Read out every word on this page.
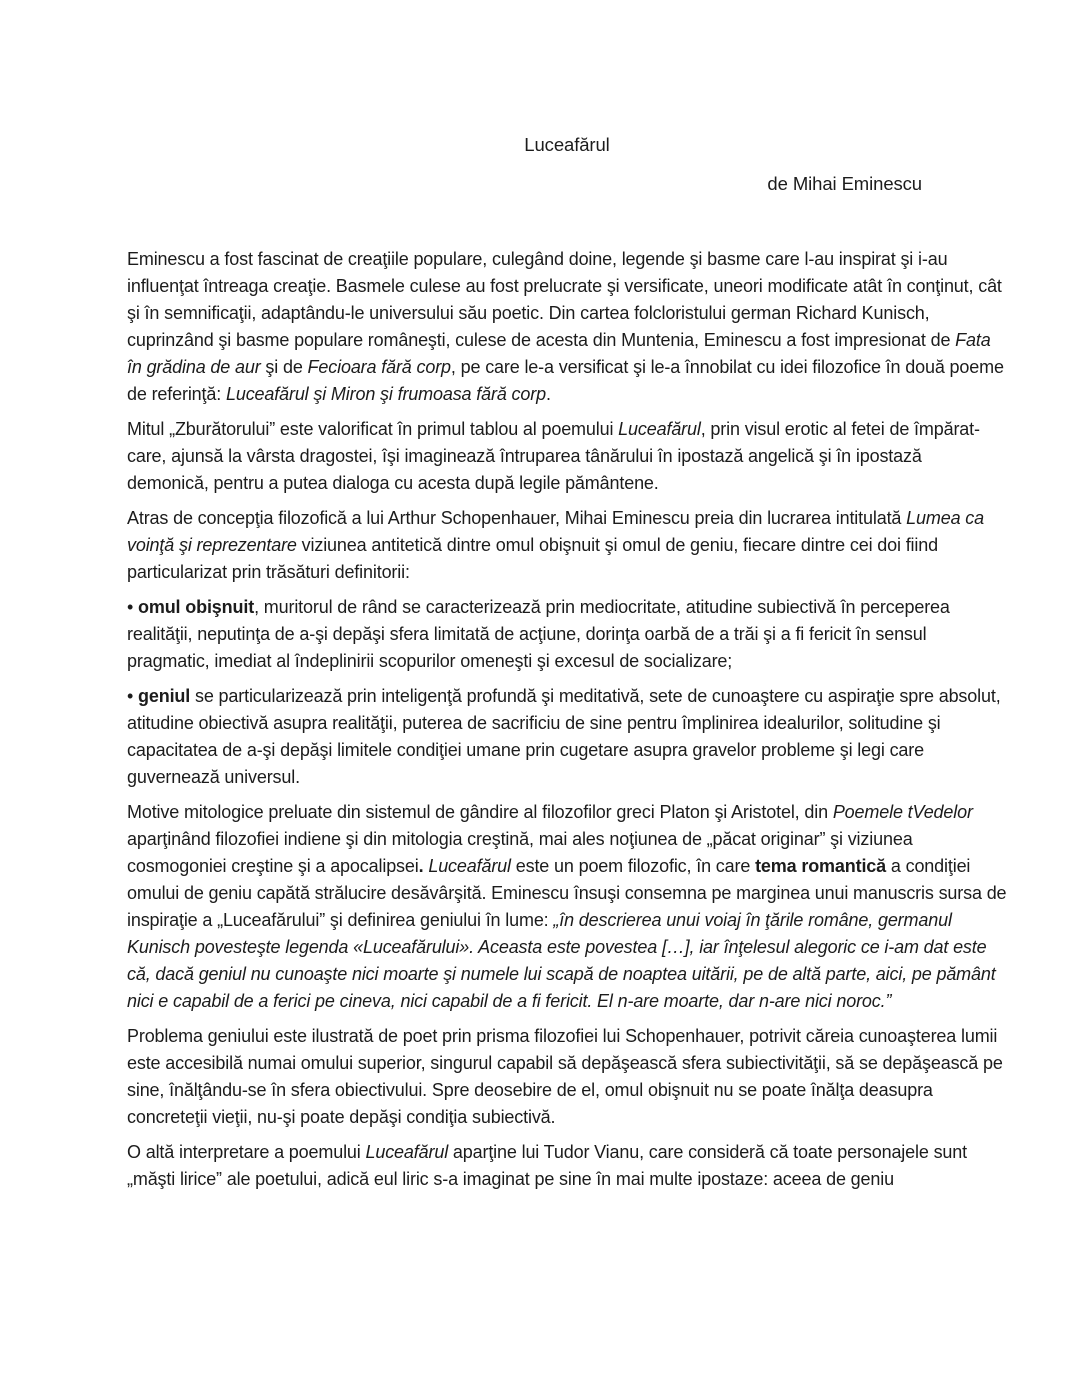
Luceafărul

de Mihai Eminescu

Eminescu a fost fascinat de creaţiile populare, culegând doine, legende şi basme care l-au inspirat şi i-au influenţat întreaga creaţie. Basmele culese au fost prelucrate şi versificate, uneori modificate atât în conţinut, cât şi în semnificaţii, adaptându-le universului său poetic. Din cartea folcloristului german Richard Kunisch, cuprinzând şi basme populare româneşti, culese de acesta din Muntenia, Eminescu a fost impresionat de Fata în grădina de aur şi de Fecioara fără corp, pe care le-a versificat şi le-a înnobilat cu idei filozofice în două poeme de referinţă: Luceafărul şi Miron şi frumoasa fără corp.

Mitul „Zburătorului” este valorificat în primul tablou al poemului Luceafărul, prin visul erotic al fetei de împărat-care, ajunsă la vârsta dragostei, îşi imaginează întruparea tânărului în ipostază angelică şi în ipostază demonică, pentru a putea dialoga cu acesta după legile pământene.

Atras de concepţia filozofică a lui Arthur Schopenhauer, Mihai Eminescu preia din lucrarea intitulată Lumea ca voinţă şi reprezentare viziunea antitetică dintre omul obişnuit şi omul de geniu, fiecare dintre cei doi fiind particularizat prin trăsături definitorii:

• omul obişnuit, muritorul de rând se caracterizează prin mediocritate, atitudine subiectivă în perceperea realităţii, neputinţa de a-şi depăşi sfera limitată de acţiune, dorinţa oarbă de a trăi şi a fi fericit în sensul pragmatic, imediat al îndeplinirii scopurilor omeneşti şi excesul de socializare;

• geniul se particularizează prin inteligenţă profundă şi meditativă, sete de cunoaştere cu aspiraţie spre absolut, atitudine obiectivă asupra realităţii, puterea de sacrificiu de sine pentru împlinirea idealurilor, solitudine şi capacitatea de a-şi depăşi limitele condiţiei umane prin cugetare asupra gravelor probleme şi legi care guvernează universul.

Motive mitologice preluate din sistemul de gândire al filozofilor greci Platon şi Aristotel, din Poemele tVedelor aparţinând filozofiei indiene şi din mitologia creştină, mai ales noţiunea de „păcat originar” şi viziunea cosmogoniei creştine şi a apocalipsei. Luceafărul este un poem filozofic, în care tema romantică a condiţiei omului de geniu capătă strălucire desăvârşită. Eminescu însuşi consemna pe marginea unui manuscris sursa de inspiraţie a „Luceafărului” şi definirea geniului în lume: „în descrierea unui voiaj în ţările române, germanul Kunisch povesteşte legenda «Luceafărului». Aceasta este povestea […], iar înţelesul alegoric ce i-am dat este că, dacă geniul nu cunoaşte nici moarte şi numele lui scapă de noaptea uitării, pe de altă parte, aici, pe pământ nici e capabil de a ferici pe cineva, nici capabil de a fi fericit. El n-are moarte, dar n-are nici noroc.”

Problema geniului este ilustrată de poet prin prisma filozofiei lui Schopenhauer, potrivit căreia cunoaşterea lumii este accesibilă numai omului superior, singurul capabil să depăşească sfera subiectivităţii, să se depăşească pe sine, înălţându-se în sfera obiectivului. Spre deosebire de el, omul obişnuit nu se poate înălţa deasupra concreteţii vieţii, nu-şi poate depăşi condiţia subiectivă.

O altă interpretare a poemului Luceafărul aparţine lui Tudor Vianu, care consideră că toate personajele sunt „măşti lirice” ale poetului, adică eul liric s-a imaginat pe sine în mai multe ipostaze: aceea de geniu
